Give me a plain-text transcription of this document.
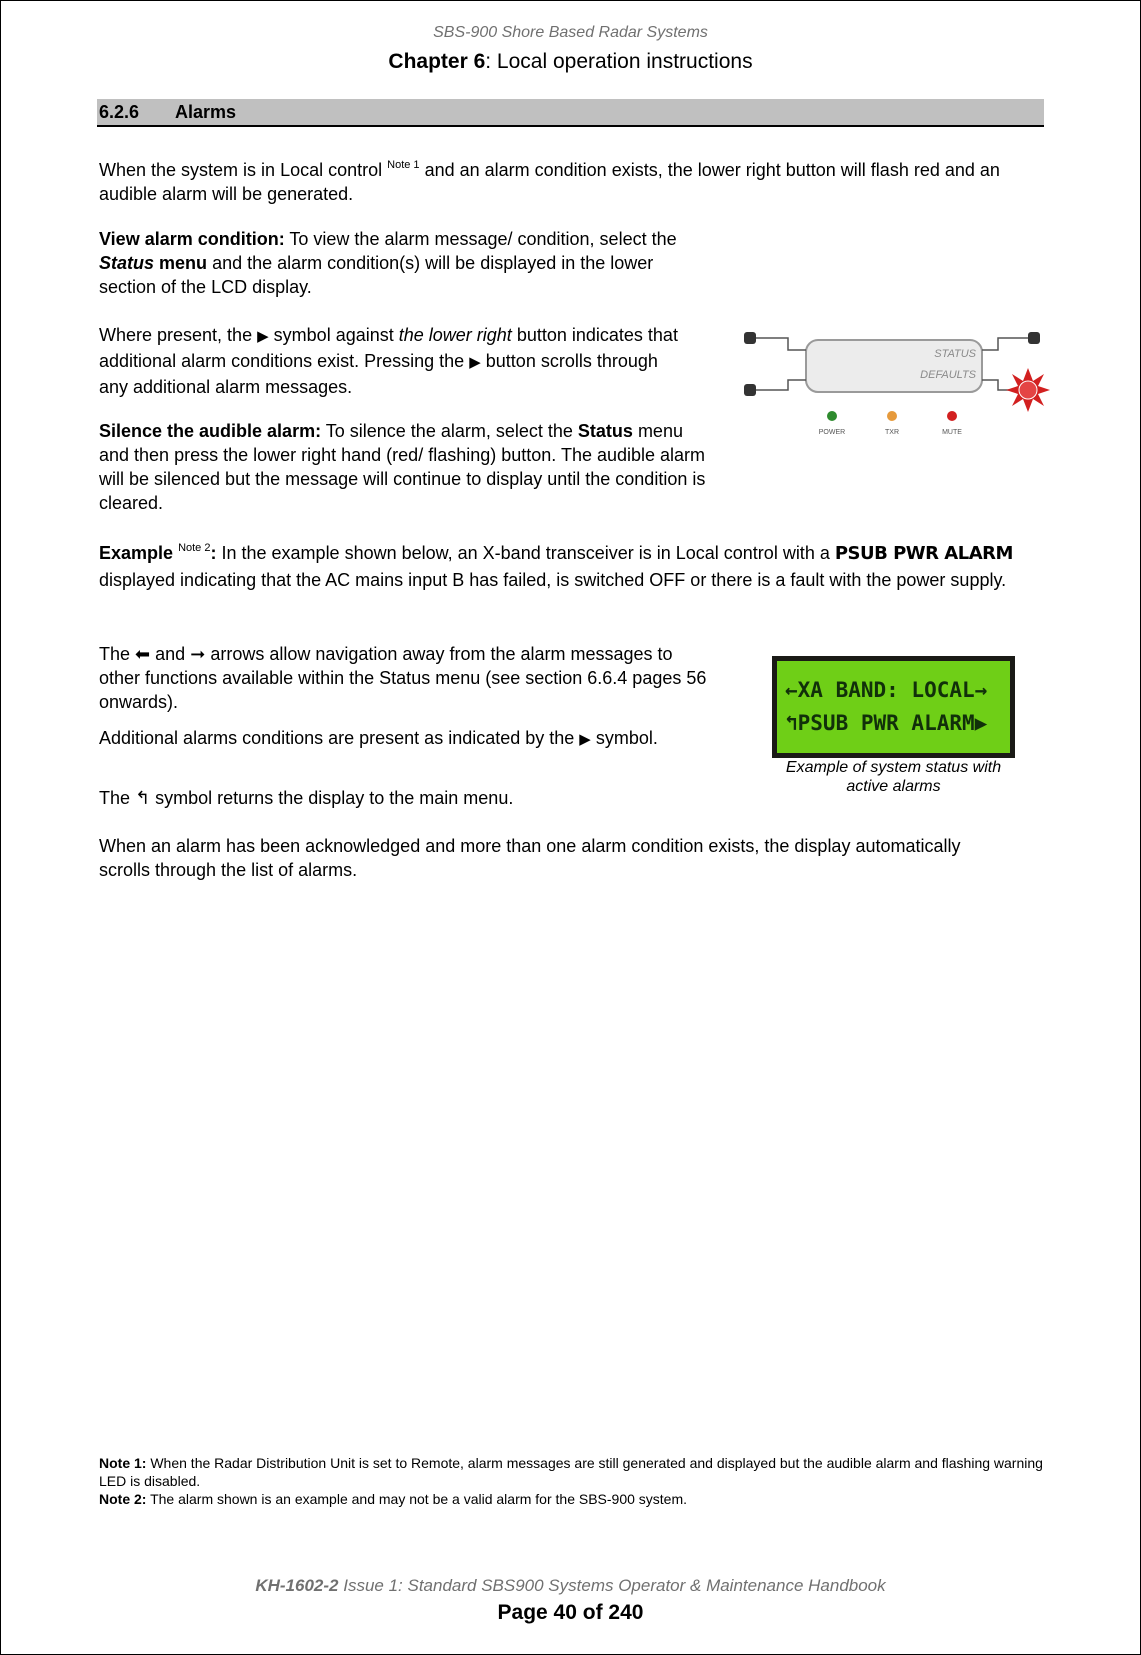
SBS-900 Shore Based Radar Systems
Chapter 6: Local operation instructions
6.2.6 Alarms

When the system is in Local control $^{Note 1}$ and an alarm condition exists, the lower right button will flash red and an audible alarm will be generated.

View alarm condition: To view the alarm message/ condition, select the Status menu and the alarm condition(s) will be displayed in the lower section of the LCD display.

Where present, the ▶ symbol against the lower right button indicates that additional alarm conditions exist. Pressing the ▶ button scrolls through any additional alarm messages.

Silence the audible alarm: To silence the alarm, select the Status menu and then press the lower right hand (red/ flashing) button. The audible alarm will be silenced but the message will continue to display until the condition is cleared.

STATUS
DEFAULTS
POWER	TXR	MUTE

Example $^{Note 2}$: In the example shown below, an X-band transceiver is in Local control with a PSUB PWR ALARM displayed indicating that the AC mains input B has failed, is switched OFF or there is a fault with the power supply.

The ⬅ and ➞ arrows allow navigation away from the alarm messages to other functions available within the Status menu (see section 6.6.4 pages 56 onwards).

Additional alarms conditions are present as indicated by the ▶ symbol.

The ↰ symbol returns the display to the main menu.

←XA BAND: LOCAL→
↰PSUB PWR ALARM▶
Example of system status with active alarms

When an alarm has been acknowledged and more than one alarm condition exists, the display automatically scrolls through the list of alarms.

Note 1: When the Radar Distribution Unit is set to Remote, alarm messages are still generated and displayed but the audible alarm and flashing warning LED is disabled.
Note 2: The alarm shown is an example and may not be a valid alarm for the SBS-900 system.
KH-1602-2 Issue 1: Standard SBS900 Systems Operator & Maintenance Handbook
Page 40 of 240
